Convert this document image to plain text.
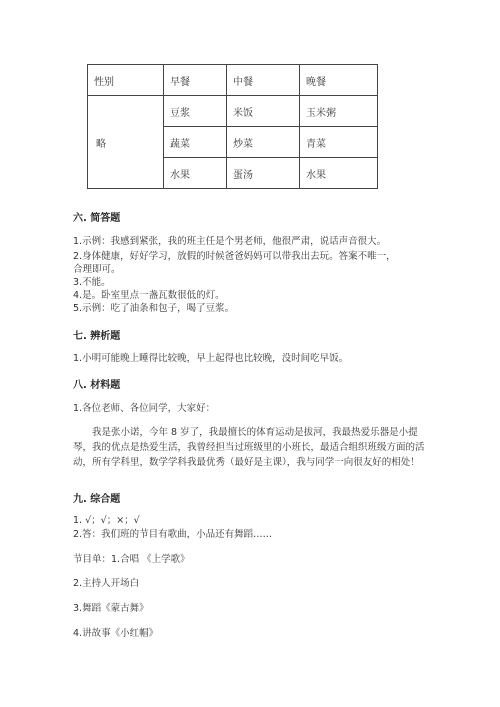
性别	早餐	中餐	晚餐
略	豆浆	米饭	玉米粥
	蔬菜	炒菜	青菜
	水果	蛋汤	水果
六. 简答题
1.示例：我感到紧张，我的班主任是个男老师，他很严肃，说话声音很大。
2.身体健康，好好学习，放假的时候爸爸妈妈可以带我出去玩。答案不唯一，
合理即可。
3.不能。
4.是。卧室里点一盏瓦数很低的灯。
5.示例：吃了油条和包子，喝了豆浆。
七. 辨析题
1.小明可能晚上睡得比较晚，早上起得也比较晚，没时间吃早饭。
八. 材料题
1.各位老师、各位同学，大家好：
我是张小诺，今年 8 岁了，我最擅长的体育运动是拔河，我最热爱乐器是小提琴，我的优点是热爱生活，我曾经担当过班级里的小班长，最适合组织班级方面的活动，所有学科里，数学学科我最优秀（最好是主课），我与同学一向很友好的相处！
九. 综合题
1. √；√；×；√
2.答：我们班的节目有歌曲，小品还有舞蹈……
节目单：1.合唱 《上学歌》
2.主持人开场白
3.舞蹈《蒙古舞》
4.讲故事《小红帽》
